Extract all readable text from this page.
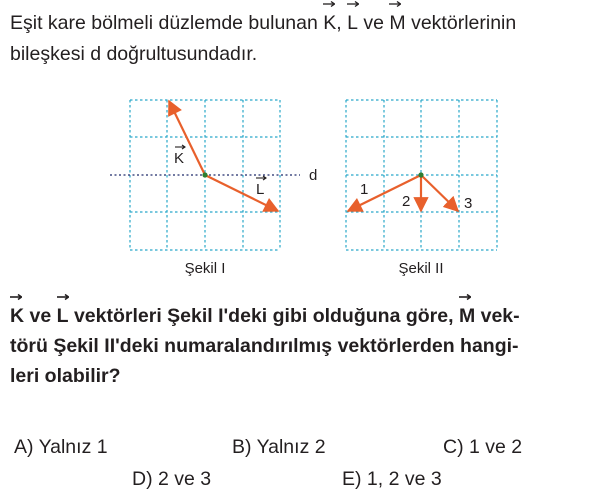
Eşit kare bölmeli düzlemde bulunan
K,
L ve
M vektörlerinin
bileşkesi d doğrultusundadır.
d
K
L
Şekil I
1
2	3
Şekil II
K ve
L vektörleri Şekil I'deki gibi olduğuna göre,
M vek-
törü Şekil II'deki numaralandırılmış vektörlerden hangi-
leri olabilir?
A) Yalnız 1	B) Yalnız 2	C) 1 ve 2
D) 2 ve 3	E) 1, 2 ve 3
